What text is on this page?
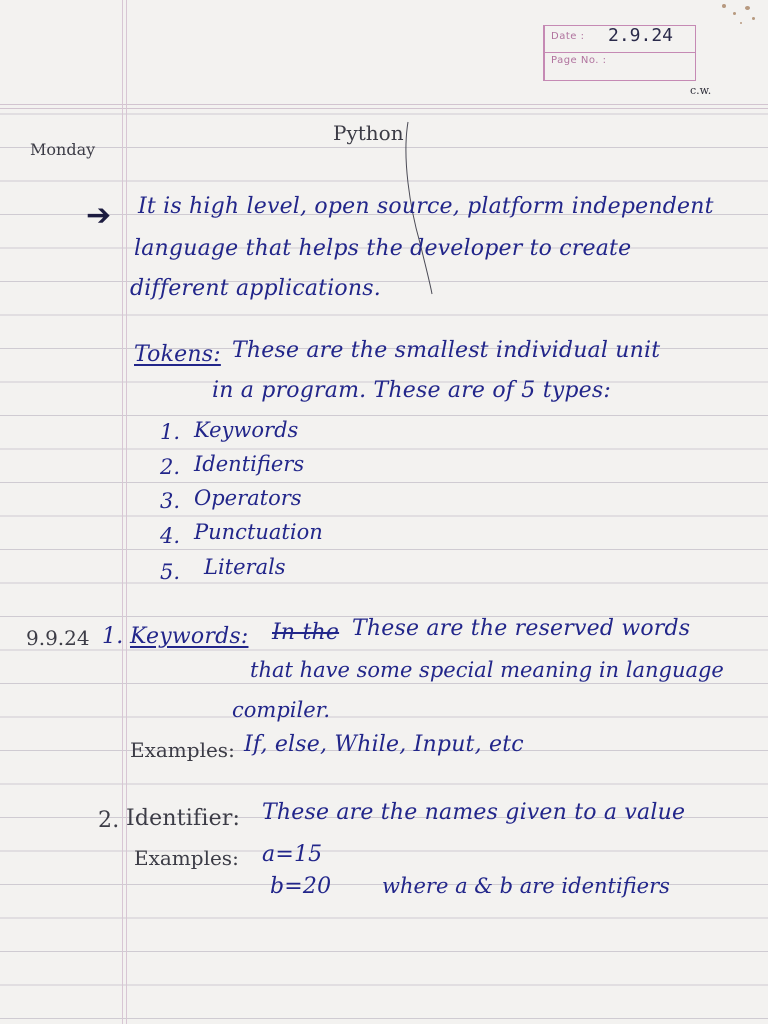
Date : 2.9.24
Page No. :
c.w.
Monday
Python
➔ It is high level, open source, platform independent
language that helps the developer to create
different applications.
Tokens: These are the smallest individual unit
in a program. These are of 5 types:
1. Keywords
2. Identifiers
3. Operators
4. Punctuation
5. Literals
9.9.24 1. Keywords: In the These are the reserved words
that have some special meaning in language
compiler.
Examples: If, else, While, Input, etc
2. Identifier: These are the names given to a value
Examples: a=15
b=20 where a & b are identifiers
